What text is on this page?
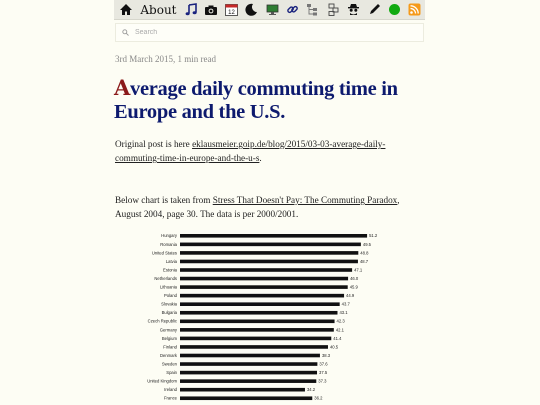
About	12
Search
3rd March 2015, 1 min read
Average daily commuting time in Europe and the U.S.

Original post is here eklausmeier.goip.de/blog/2015/03-03-average-daily-commuting-time-in-europe-and-the-u-s.

Below chart is taken from Stress That Doesn't Pay: The Commuting Paradox, August 2004, page 30. The data is per 2000/2001.

Hungary	51.2
Romania	49.5
United States	48.8
Latvia	48.7
Estonia	47.1
Netherlands	46.0
Lithuania	45.9
Poland	44.9
Slovakia	43.7
Bulgaria	43.1
Czech Republic	42.3
Germany	42.1
Belgium	41.4
Finland	40.5
Denmark	38.3
Sweden	37.6
Spain	37.5
United Kingdom	37.3
Ireland	34.2
France	36.2
